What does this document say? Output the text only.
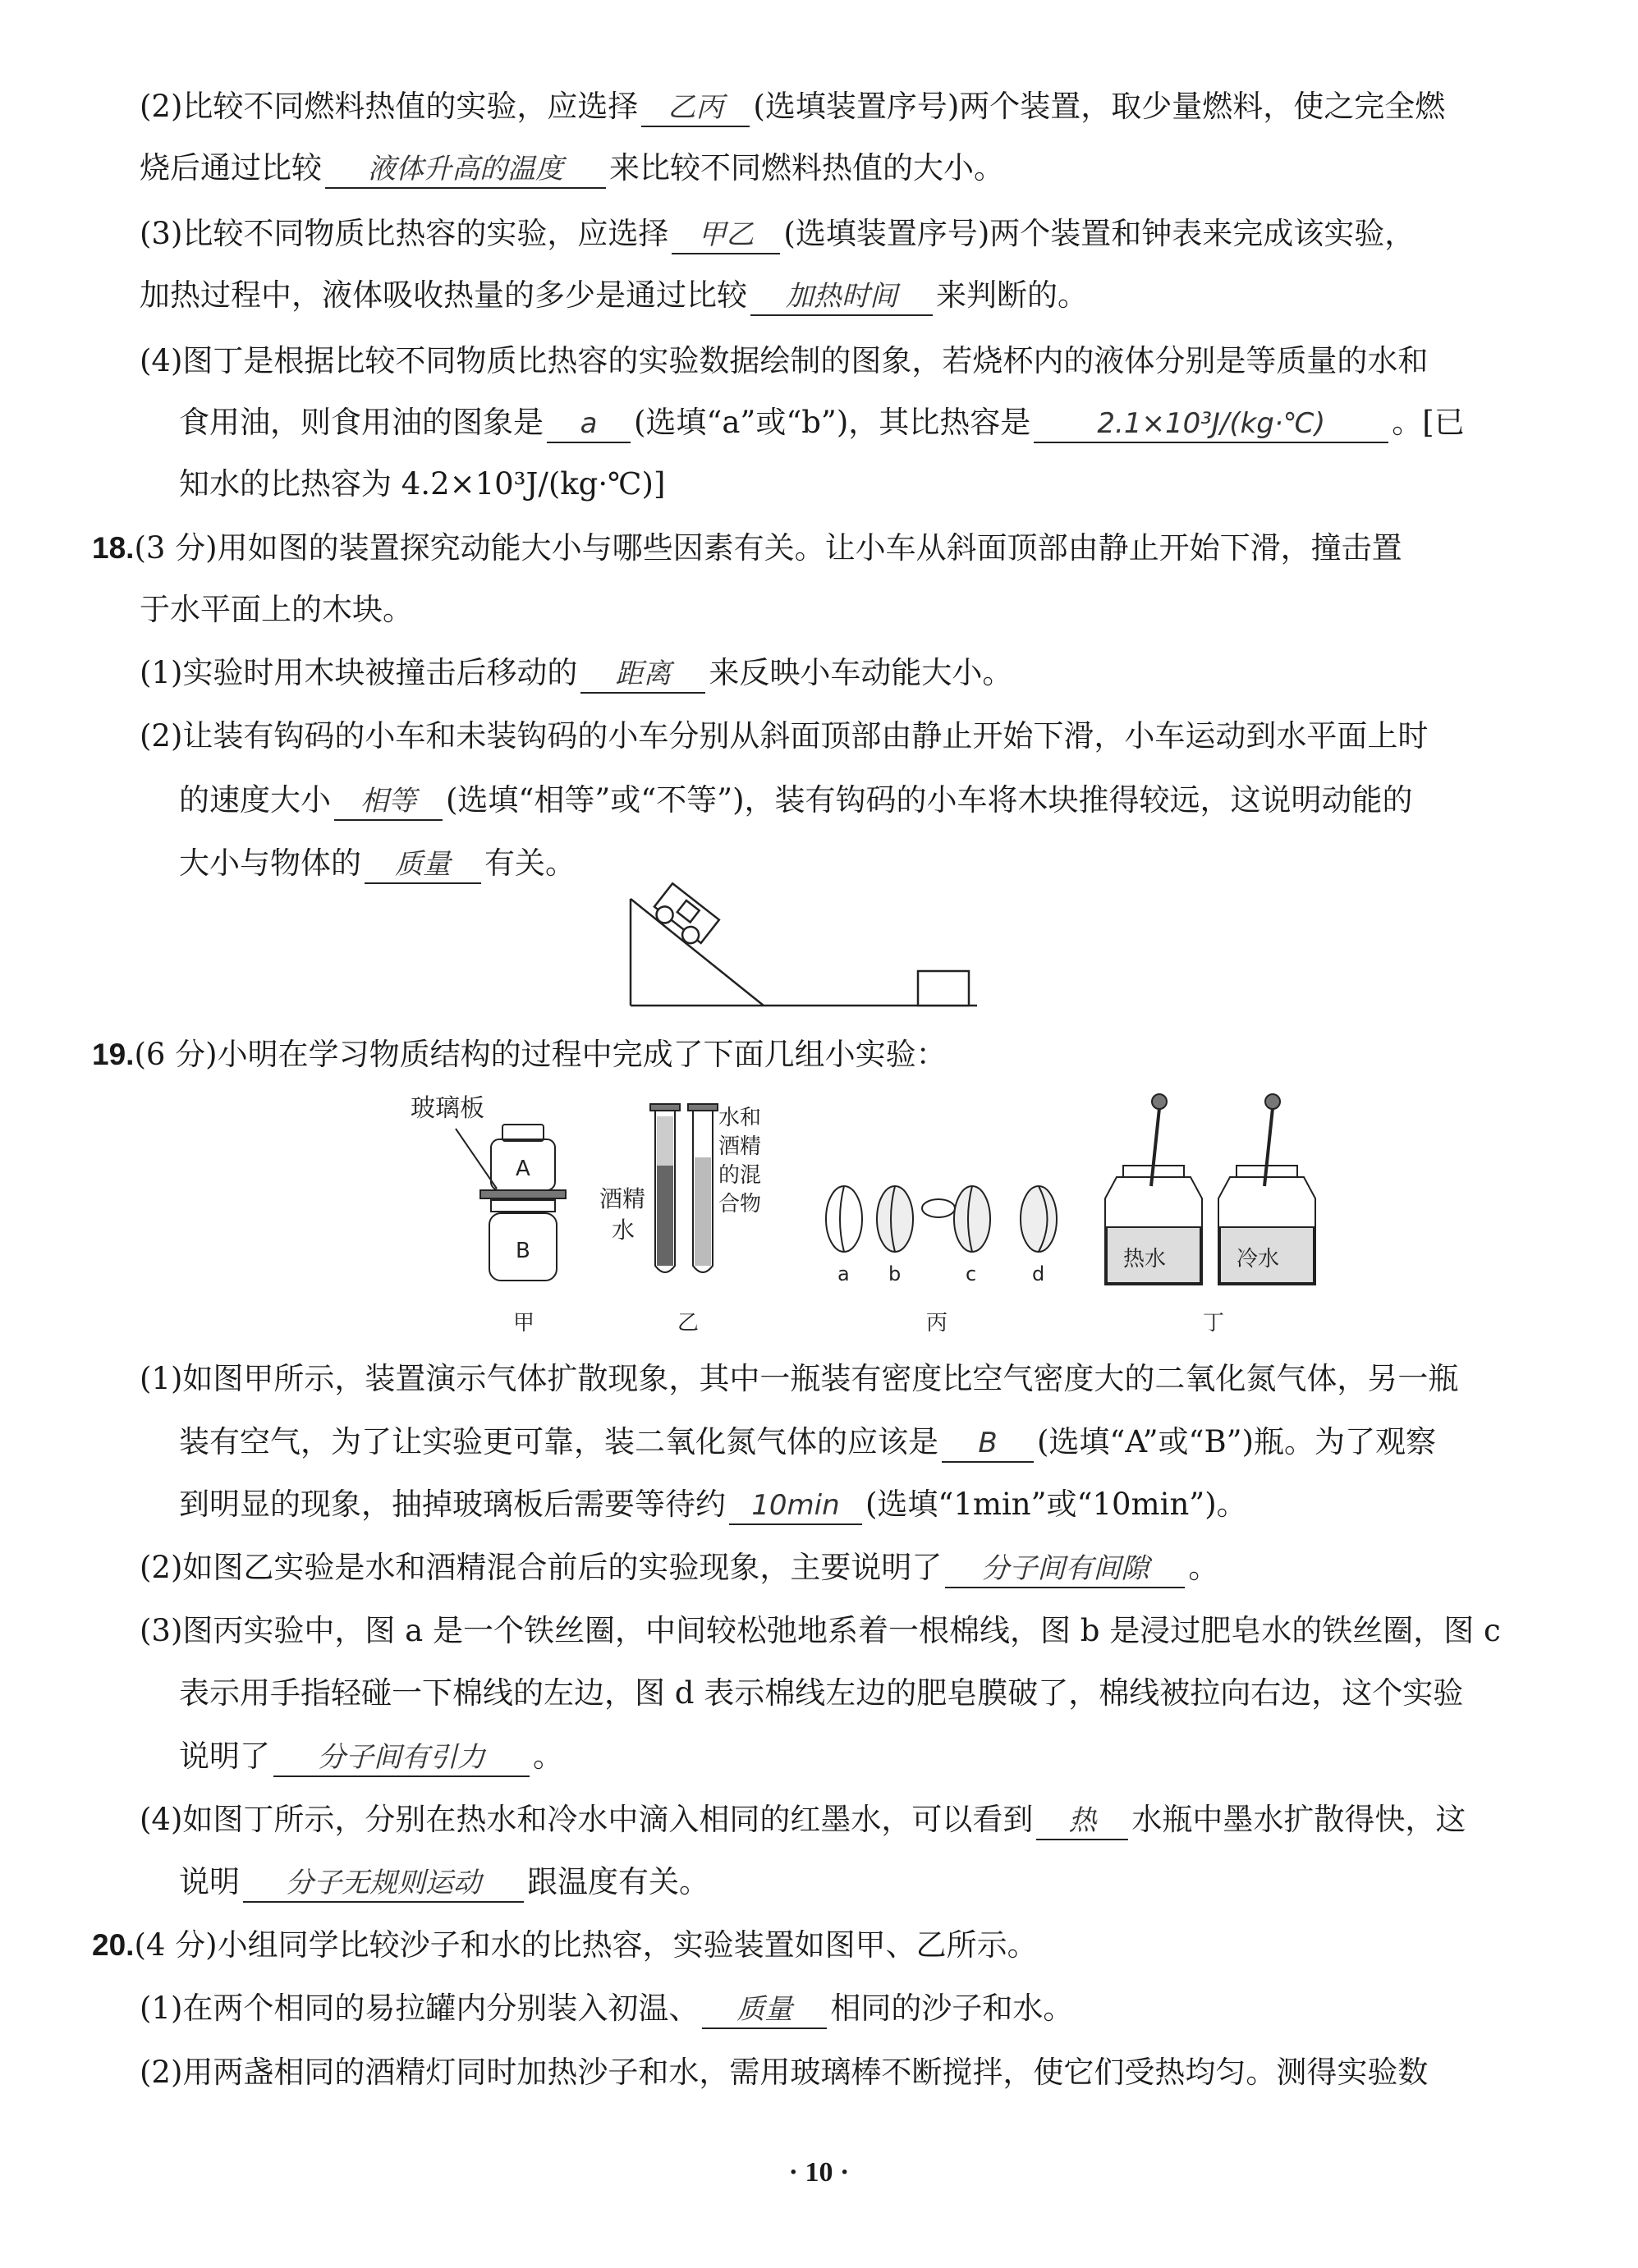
(2)比较不同燃料热值的实验，应选择 乙丙 (选填装置序号)两个装置，取少量燃料，使之完全燃
烧后通过比较 液体升高的温度 来比较不同燃料热值的大小。
(3)比较不同物质比热容的实验，应选择 甲乙 (选填装置序号)两个装置和钟表来完成该实验，
加热过程中，液体吸收热量的多少是通过比较 加热时间 来判断的。
(4)图丁是根据比较不同物质比热容的实验数据绘制的图象，若烧杯内的液体分别是等质量的水和
食用油，则食用油的图象是 a (选填“a”或“b”)，其比热容是 2.1×10³J/(kg·℃) 。[已
知水的比热容为 4.2×10³J/(kg·℃)]
18.(3 分)用如图的装置探究动能大小与哪些因素有关。让小车从斜面顶部由静止开始下滑，撞击置
于水平面上的木块。
(1)实验时用木块被撞击后移动的 距离 来反映小车动能大小。
(2)让装有钩码的小车和未装钩码的小车分别从斜面顶部由静止开始下滑，小车运动到水平面上时
的速度大小 相等 (选填“相等”或“不等”)，装有钩码的小车将木块推得较远，这说明动能的
大小与物体的 质量 有关。
19.(6 分)小明在学习物质结构的过程中完成了下面几组小实验：
玻璃板
A
B
甲
酒精
水
水和
酒精
的混
合物
乙
a b	c	d
丙
热水	冷水
丁
(1)如图甲所示，装置演示气体扩散现象，其中一瓶装有密度比空气密度大的二氧化氮气体，另一瓶
装有空气，为了让实验更可靠，装二氧化氮气体的应该是 B (选填“A”或“B”)瓶。为了观察
到明显的现象，抽掉玻璃板后需要等待约 10min (选填“1min”或“10min”)。
(2)如图乙实验是水和酒精混合前后的实验现象，主要说明了 分子间有间隙 。
(3)图丙实验中，图 a 是一个铁丝圈，中间较松弛地系着一根棉线，图 b 是浸过肥皂水的铁丝圈，图 c
表示用手指轻碰一下棉线的左边，图 d 表示棉线左边的肥皂膜破了，棉线被拉向右边，这个实验
说明了 分子间有引力 。
(4)如图丁所示，分别在热水和冷水中滴入相同的红墨水，可以看到 热 水瓶中墨水扩散得快，这
说明 分子无规则运动 跟温度有关。
20.(4 分)小组同学比较沙子和水的比热容，实验装置如图甲、乙所示。
(1)在两个相同的易拉罐内分别装入初温、 质量 相同的沙子和水。
(2)用两盏相同的酒精灯同时加热沙子和水，需用玻璃棒不断搅拌，使它们受热均匀。测得实验数
· 10 ·
